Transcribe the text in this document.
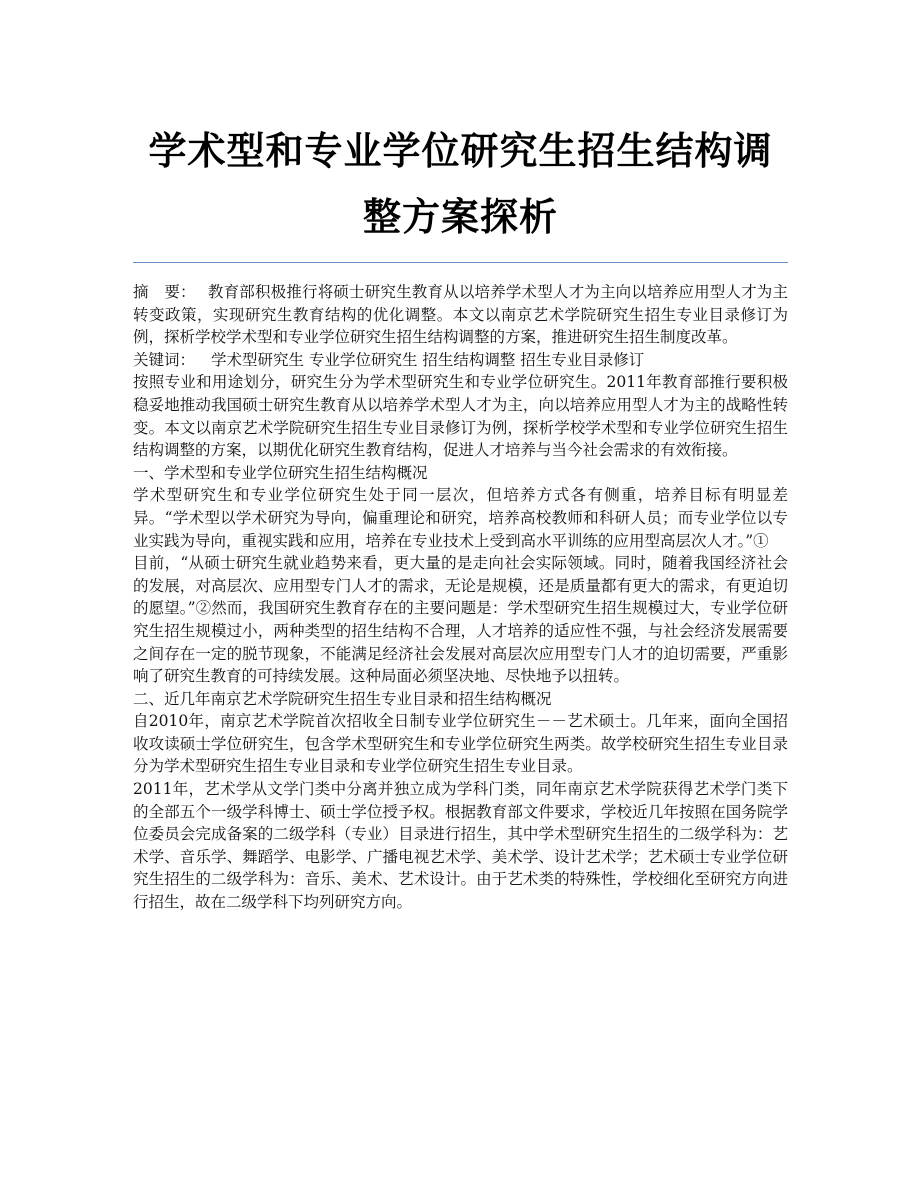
学术型和专业学位研究生招生结构调
整方案探析

摘　要： 教育部积极推行将硕士研究生教育从以培养学术型人才为主向以培养应用型人才为主转变政策，实现研究生教育结构的优化调整。本文以南京艺术学院研究生招生专业目录修订为例，探析学校学术型和专业学位研究生招生结构调整的方案，推进研究生招生制度改革。

关键词： 学术型研究生 专业学位研究生 招生结构调整 招生专业目录修订

按照专业和用途划分，研究生分为学术型研究生和专业学位研究生。2011年教育部推行要积极稳妥地推动我国硕士研究生教育从以培养学术型人才为主，向以培养应用型人才为主的战略性转变。本文以南京艺术学院研究生招生专业目录修订为例，探析学校学术型和专业学位研究生招生结构调整的方案，以期优化研究生教育结构，促进人才培养与当今社会需求的有效衔接。

一、学术型和专业学位研究生招生结构概况

学术型研究生和专业学位研究生处于同一层次，但培养方式各有侧重，培养目标有明显差异。“学术型以学术研究为导向，偏重理论和研究，培养高校教师和科研人员；而专业学位以专业实践为导向，重视实践和应用，培养在专业技术上受到高水平训练的应用型高层次人才。”①

目前，“从硕士研究生就业趋势来看，更大量的是走向社会实际领域。同时，随着我国经济社会的发展，对高层次、应用型专门人才的需求，无论是规模，还是质量都有更大的需求，有更迫切的愿望。”②然而，我国研究生教育存在的主要问题是：学术型研究生招生规模过大，专业学位研究生招生规模过小，两种类型的招生结构不合理，人才培养的适应性不强，与社会经济发展需要之间存在一定的脱节现象，不能满足经济社会发展对高层次应用型专门人才的迫切需要，严重影响了研究生教育的可持续发展。这种局面必须坚决地、尽快地予以扭转。

二、近几年南京艺术学院研究生招生专业目录和招生结构概况

自2010年，南京艺术学院首次招收全日制专业学位研究生－－艺术硕士。几年来，面向全国招收攻读硕士学位研究生，包含学术型研究生和专业学位研究生两类。故学校研究生招生专业目录分为学术型研究生招生专业目录和专业学位研究生招生专业目录。

2011年，艺术学从文学门类中分离并独立成为学科门类，同年南京艺术学院获得艺术学门类下的全部五个一级学科博士、硕士学位授予权。根据教育部文件要求，学校近几年按照在国务院学位委员会完成备案的二级学科（专业）目录进行招生，其中学术型研究生招生的二级学科为：艺术学、音乐学、舞蹈学、电影学、广播电视艺术学、美术学、设计艺术学；艺术硕士专业学位研究生招生的二级学科为：音乐、美术、艺术设计。由于艺术类的特殊性，学校细化至研究方向进行招生，故在二级学科下均列研究方向。
